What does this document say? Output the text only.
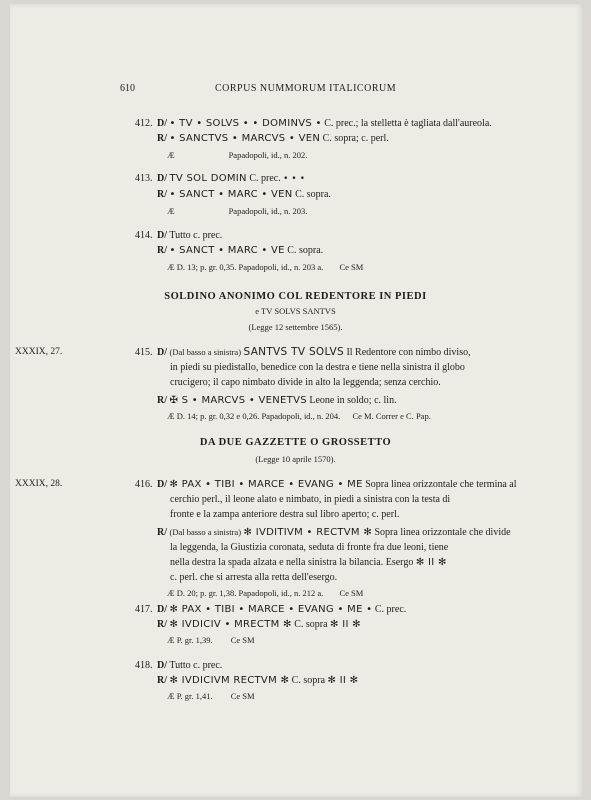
610	CORPUS NUMMORUM ITALICORUM
412. D/ • TV • SOLVS • • DOMINVS • C. prec.; la stelletta è tagliata dall'aureola.
R/ • SANCTVS • MARCVS • VEN C. sopra; c. perl.
Æ	Papadopoli, id., n. 202.
413. D/ TV SOL DOMIN C. prec. • • •
R/ • SANCT • MARC • VEN C. sopra.
Æ	Papadopoli, id., n. 203.
414. D/ Tutto c. prec.
R/ • SANCT • MARC • VE C. sopra.
Æ D. 13; p. gr. 0,35. Papadopoli, id., n. 203 a. Ce SM
SOLDINO ANONIMO COL REDENTORE IN PIEDI
e TV SOLVS SANTVS
(Legge 12 settembre 1565).
XXXIX, 27.	415. D/ (Dal basso a sinistra) SANTVS TV SOLVS Il Redentore con nimbo diviso,
in piedi su piedistallo, benedice con la destra e tiene nella sinistra il globo
crucigero; il capo nimbato divide in alto la leggenda; senza cerchio.
R/ ✠ S • MARCVS • VENETVS Leone in soldo; c. lin.
Æ D. 14; p. gr. 0,32 e 0,26. Papadopoli, id., n. 204. Ce M. Correr e C. Pap.
DA DUE GAZZETTE O GROSSETTO
(Legge 10 aprile 1570).
XXXIX, 28.	416. D/ ✻ PAX • TIBI • MARCE • EVANG • ME Sopra linea orizzontale che termina al
cerchio perl., il leone alato e nimbato, in piedi a sinistra con la testa di
fronte e la zampa anteriore destra sul libro aperto; c. perl.
R/ (Dal basso a sinistra) ✻ IVDITIVM • RECTVM ✻ Sopra linea orizzontale che divide
la leggenda, la Giustizia coronata, seduta di fronte fra due leoni, tiene
nella destra la spada alzata e nella sinistra la bilancia. Esergo ✻ II ✻
c. perl. che si arresta alla retta dell'esergo.
Æ D. 20; p. gr. 1,38. Papadopoli, id., n. 212 a. Ce SM
417. D/ ✻ PAX • TIBI • MARCE • EVANG • ME • C. prec.
R/ ✻ IVDICIV • MRECTM ✻ C. sopra ✻ II ✻
Æ P. gr. 1,39. Ce SM
418. D/ Tutto c. prec.
R/ ✻ IVDICIVM RECTVM ✻ C. sopra ✻ II ✻
Æ P. gr. 1,41. Ce SM
